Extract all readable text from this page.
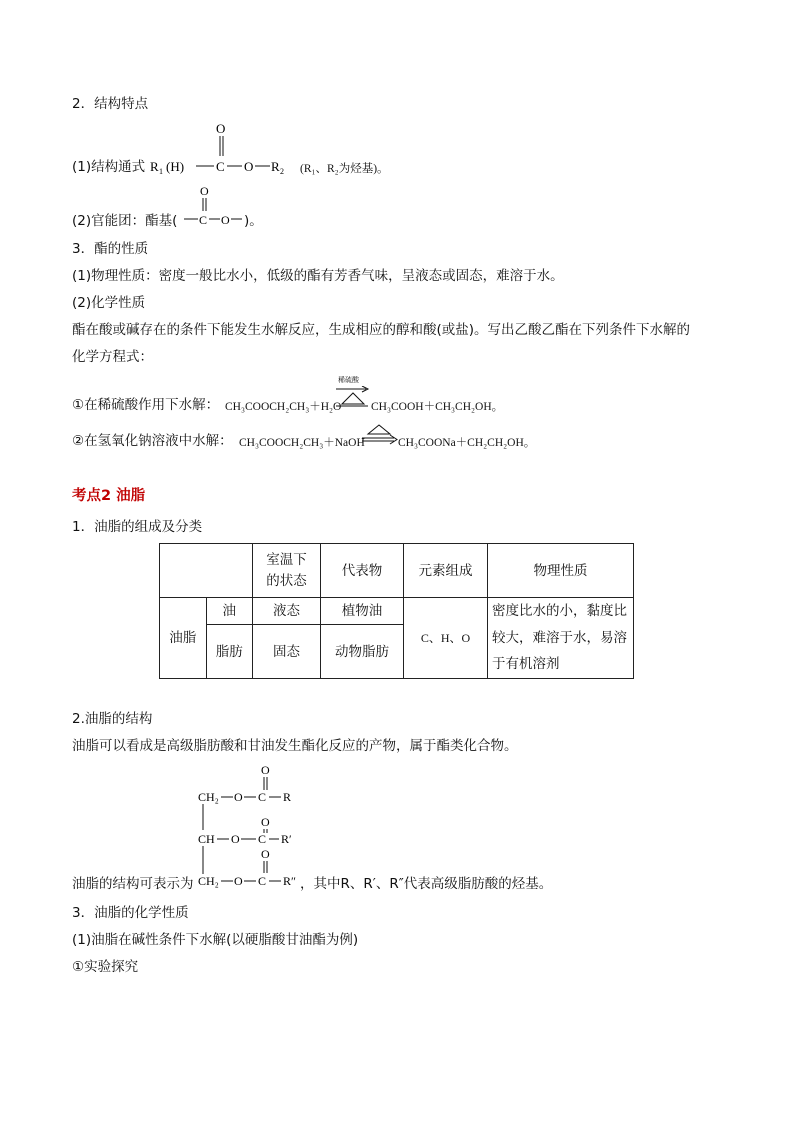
2．结构特点
(1)结构通式
O
R 1 (H) C O R 2 (R₁、R₂为烃基)。
(2)官能团：酯基(
O
C O )。
3．酯的性质
(1)物理性质：密度一般比水小，低级的酯有芳香气味，呈液态或固态，难溶于水。
(2)化学性质
酯在酸或碱存在的条件下能发生水解反应，生成相应的醇和酸(或盐)。写出乙酸乙酯在下列条件下水解的
化学方程式：
①在稀硫酸作用下水解： CH₃COOCH₂CH₃＋H₂O
稀硫酸
CH₃COOH＋CH₃CH₂OH。
②在氢氧化钠溶液中水解： CH₃COOCH₂CH₃＋NaOH	CH₃COONa＋CH₂CH₂OH。
考点2 油脂
1．油脂的组成及分类

		室温下的状态	代表物	元素组成	物理性质
油脂	油	液态	植物油	C、H、O	密度比水的小，黏度比较大，难溶于水，易溶于有机溶剂

	脂肪	固态	动物脂肪		
2.油脂的结构
油脂可以看成是高级脂肪酸和甘油发生酯化反应的产物，属于酯类化合物。
O
CH₂ O C R
O
CH O C R′
O
CH₂ O C R″
油脂的结构可表示为	，其中R、R′、R″代表高级脂肪酸的烃基。
3．油脂的化学性质
(1)油脂在碱性条件下水解(以硬脂酸甘油酯为例)
①实验探究
